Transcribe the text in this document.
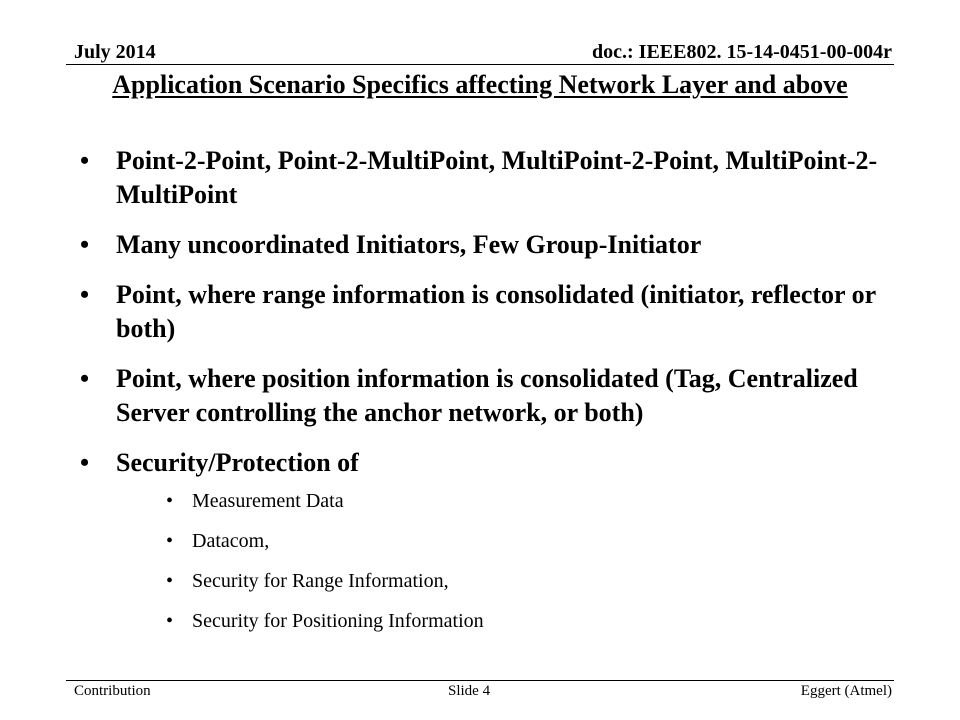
July 2014	doc.: IEEE802. 15-14-0451-00-004r
Application Scenario Specifics affecting Network Layer and above
• Point-2-Point, Point-2-MultiPoint, MultiPoint-2-Point, MultiPoint-2-MultiPoint
• Many uncoordinated Initiators, Few Group-Initiator
• Point, where range information is consolidated (initiator, reflector or both)
• Point, where position information is consolidated (Tag, Centralized Server controlling the anchor network, or both)
• Security/Protection of
• Measurement Data
• Datacom,
• Security for Range Information,
• Security for Positioning Information
Contribution	Slide 4	Eggert (Atmel)
